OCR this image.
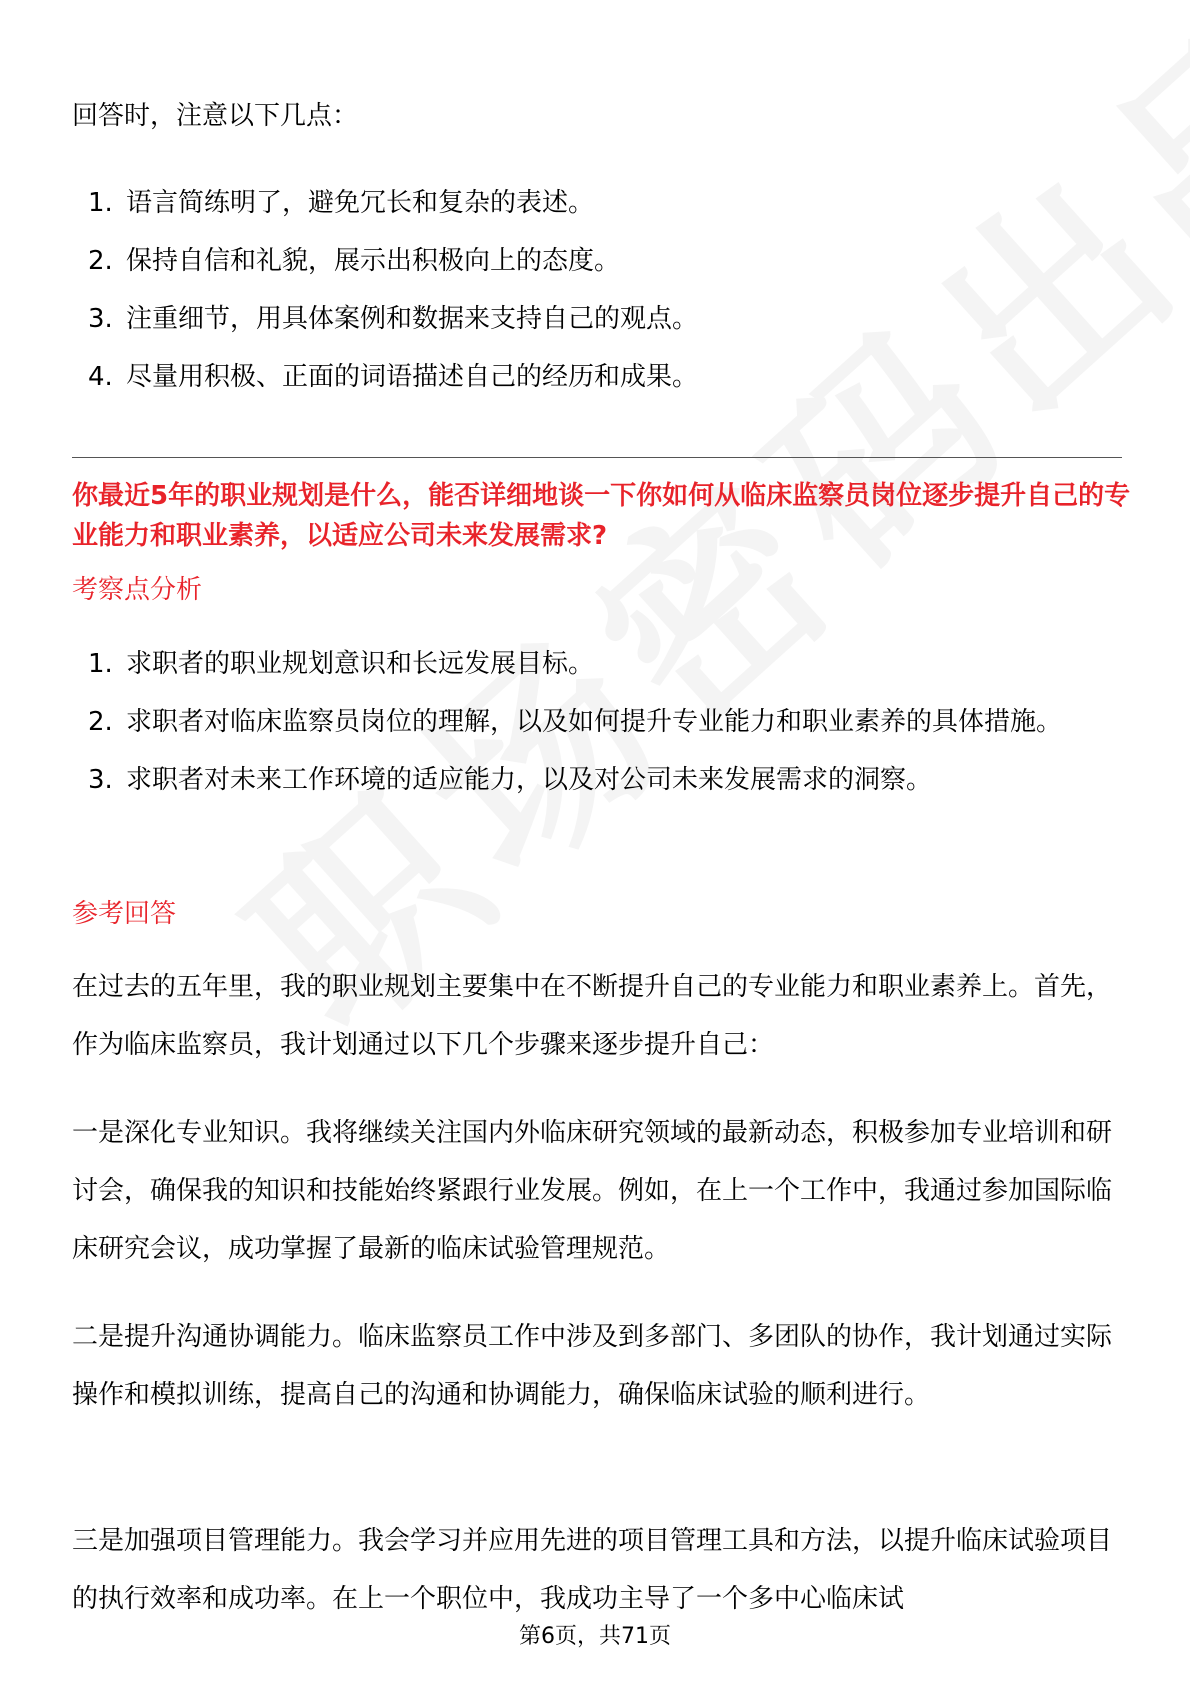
回答时，注意以下几点：

1. 语言简练明了，避免冗长和复杂的表述。
2. 保持自信和礼貌，展示出积极向上的态度。
3. 注重细节，用具体案例和数据来支持自己的观点。
4. 尽量用积极、正面的词语描述自己的经历和成果。

你最近5年的职业规划是什么，能否详细地谈一下你如何从临床监察员岗位逐步提升自己的专业能力和职业素养，以适应公司未来发展需求?

考察点分析
1. 求职者的职业规划意识和长远发展目标。
2. 求职者对临床监察员岗位的理解，以及如何提升专业能力和职业素养的具体措施。
3. 求职者对未来工作环境的适应能力，以及对公司未来发展需求的洞察。
参考回答

在过去的五年里，我的职业规划主要集中在不断提升自己的专业能力和职业素养上。首先，作为临床监察员，我计划通过以下几个步骤来逐步提升自己：

一是深化专业知识。我将继续关注国内外临床研究领域的最新动态，积极参加专业培训和研讨会，确保我的知识和技能始终紧跟行业发展。例如，在上一个工作中，我通过参加国际临床研究会议，成功掌握了最新的临床试验管理规范。

二是提升沟通协调能力。临床监察员工作中涉及到多部门、多团队的协作，我计划通过实际操作和模拟训练，提高自己的沟通和协调能力，确保临床试验的顺利进行。

三是加强项目管理能力。我会学习并应用先进的项目管理工具和方法，以提升临床试验项目的执行效率和成功率。在上一个职位中，我成功主导了一个多中心临床试

第6页，共71页
